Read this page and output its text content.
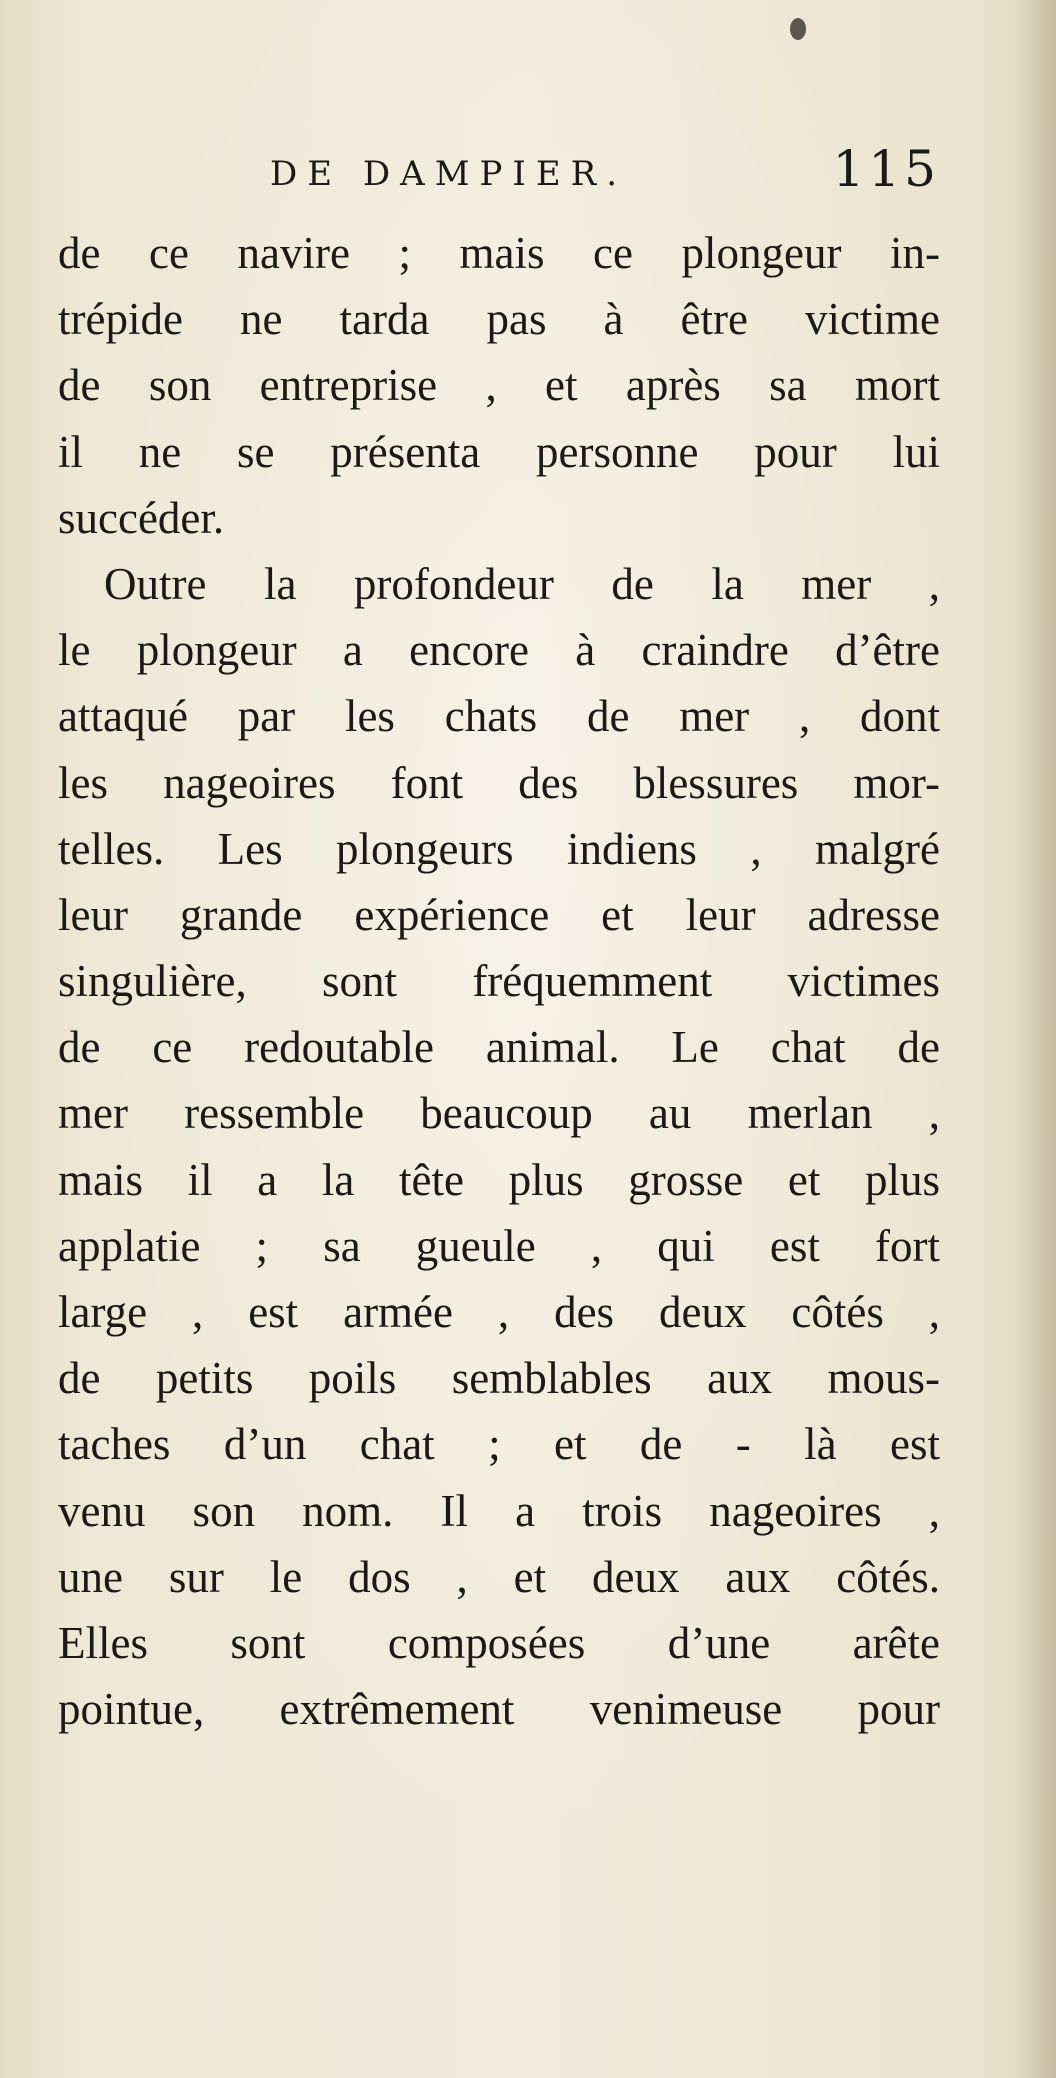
DE DAMPIER.	115
de ce navire ; mais ce plongeur in-
trépide ne tarda pas à être victime
de son entreprise , et après sa mort
il ne se présenta personne pour lui
succéder.
Outre la profondeur de la mer ,
le plongeur a encore à craindre d’être
attaqué par les chats de mer , dont
les nageoires font des blessures mor-
telles. Les plongeurs indiens , malgré
leur grande expérience et leur adresse
singulière, sont fréquemment victimes
de ce redoutable animal. Le chat de
mer ressemble beaucoup au merlan ,
mais il a la tête plus grosse et plus
applatie ; sa gueule , qui est fort
large , est armée , des deux côtés ,
de petits poils semblables aux mous-
taches d’un chat ; et de - là est
venu son nom. Il a trois nageoires ,
une sur le dos , et deux aux côtés.
Elles sont composées d’une arête
pointue, extrêmement venimeuse pour
